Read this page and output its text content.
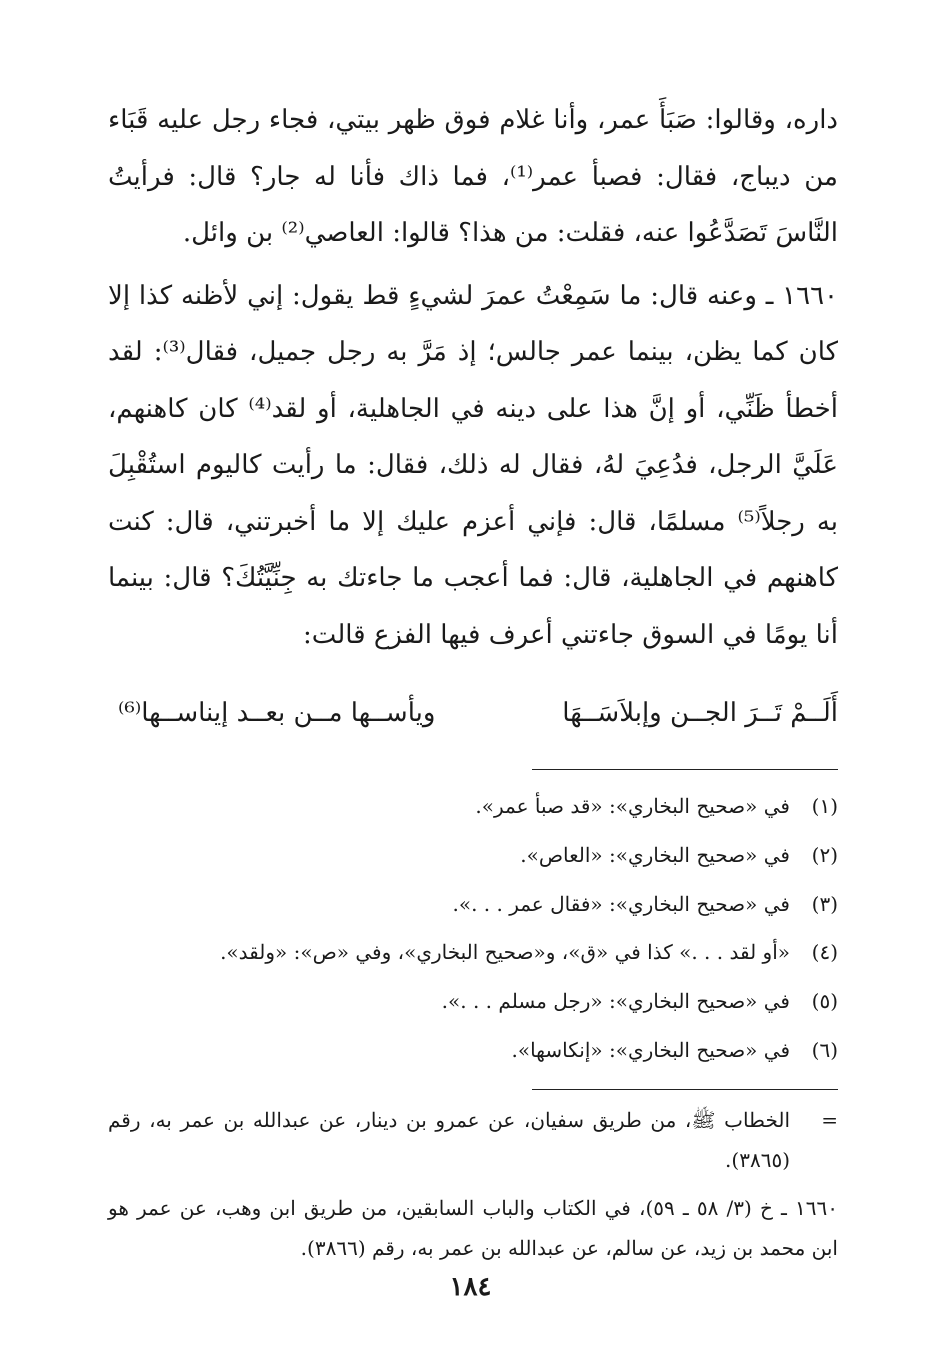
داره، وقالوا: صَبَأَ عمر، وأنا غلام فوق ظهر بيتي، فجاء رجل عليه قَبَاء من ديباج، فقال: فصبأ عمر⁽¹⁾، فما ذاك فأنا له جار؟ قال: فرأيتُ النَّاسَ تَصَدَّعُوا عنه، فقلت: من هذا؟ قالوا: العاصي⁽²⁾ بن وائل.

١٦٦٠ ـ وعنه قال: ما سَمِعْتُ عمرَ لشيءٍ قط يقول: إني لأظنه كذا إلا كان كما يظن، بينما عمر جالس؛ إذ مَرَّ به رجل جميل، فقال⁽³⁾: لقد أخطأ ظَنِّي، أو إنَّ هذا على دينه في الجاهلية، أو لقد⁽⁴⁾ كان كاهنهم، عَلَيَّ الرجل، فدُعِيَ لهُ، فقال له ذلك، فقال: ما رأيت كاليوم استُقْبِلَ به رجلاً⁽⁵⁾ مسلمًا، قال: فإني أعزم عليك إلا ما أخبرتني، قال: كنت كاهنهم في الجاهلية، قال: فما أعجب ما جاءتك به جِنِّيَّتُكَ؟ قال: بينما أنا يومًا في السوق جاءتني أعرف فيها الفزع قالت:

أَلَــمْ تَــرَ الجــن وإبلاَسَــهَا
ويأســها مــن بعــد إيناســها⁽⁶⁾
(١)
في «صحيح البخاري»: «قد صبأ عمر».
(٢)
في «صحيح البخاري»: «العاص».
(٣)
في «صحيح البخاري»: «فقال عمر . . .».
(٤)
«أو لقد . . .» كذا في «ق»، و«صحيح البخاري»، وفي «ص»: «ولقد».
(٥)
في «صحيح البخاري»: «رجل مسلم . . .».
(٦)
في «صحيح البخاري»: «إنكاسها».
=
الخطاب ﷺ، من طريق سفيان، عن عمرو بن دينار، عن عبدالله بن عمر به، رقم (٣٨٦٥).
١٦٦٠ ـ خ (٣/ ٥٨ ـ ٥٩)، في الكتاب والباب السابقين، من طريق ابن وهب، عن عمر هو ابن محمد بن زيد، عن سالم، عن عبدالله بن عمر به، رقم (٣٨٦٦).
١٨٤
